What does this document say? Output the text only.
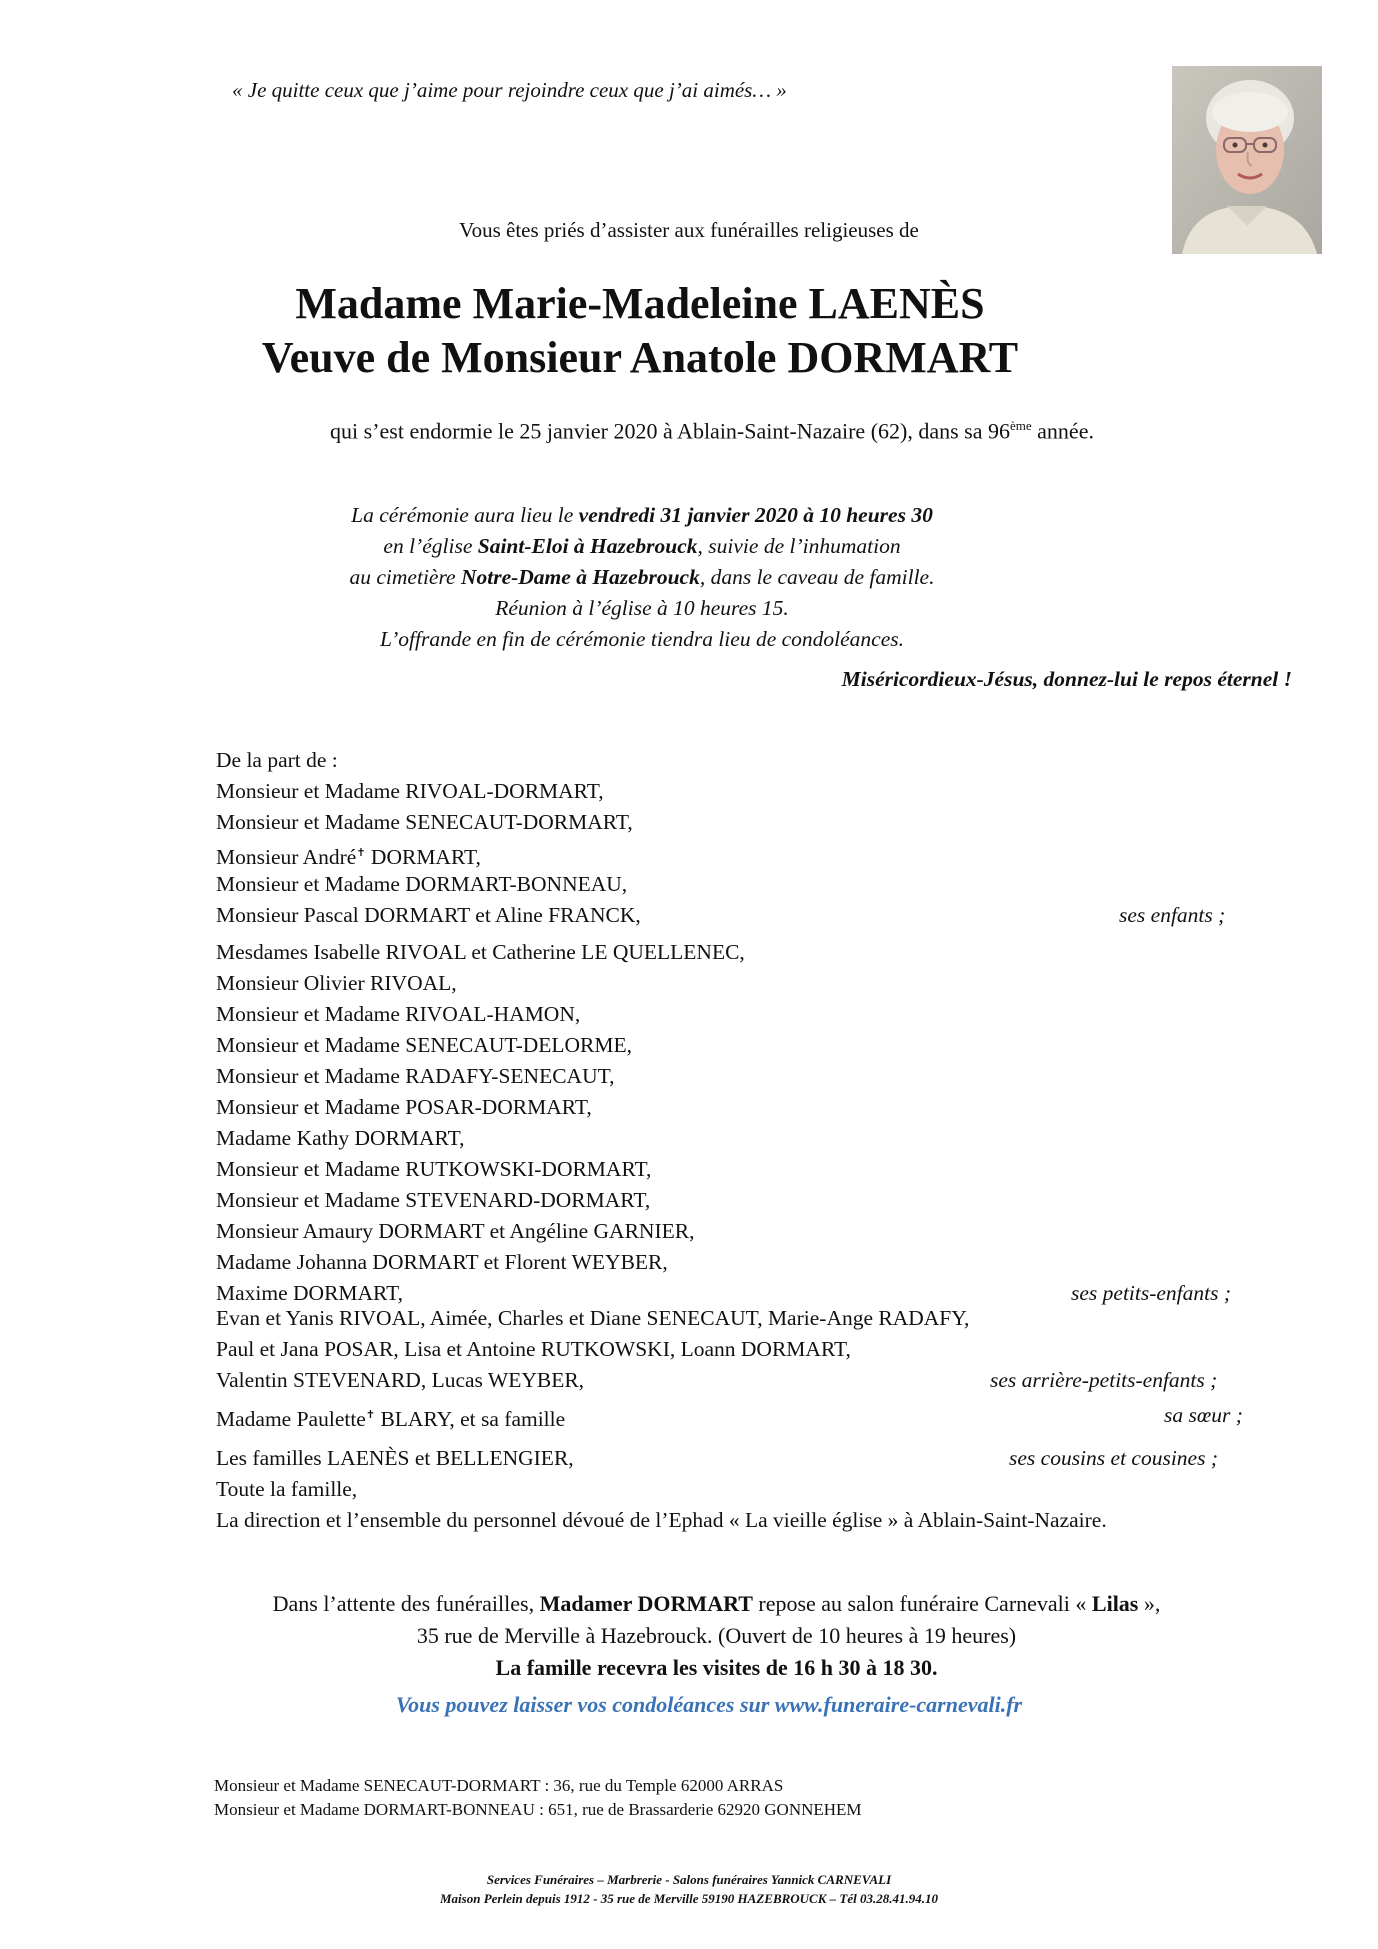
« Je quitte ceux que j’aime pour rejoindre ceux que j’ai aimés… »
Vous êtes priés d’assister aux funérailles religieuses de
Madame Marie-Madeleine LAENÈS
Veuve de Monsieur Anatole DORMART
qui s’est endormie le 25 janvier 2020 à Ablain-Saint-Nazaire (62), dans sa 96ème année.
La cérémonie aura lieu le vendredi 31 janvier 2020 à 10 heures 30
en l’église Saint-Eloi à Hazebrouck, suivie de l’inhumation
au cimetière Notre-Dame à Hazebrouck, dans le caveau de famille.
Réunion à l’église à 10 heures 15.
L’offrande en fin de cérémonie tiendra lieu de condoléances.
Miséricordieux-Jésus, donnez-lui le repos éternel !
De la part de :
Monsieur et Madame RIVOAL-DORMART,
Monsieur et Madame SENECAUT-DORMART,
Monsieur André✝ DORMART,
Monsieur et Madame DORMART-BONNEAU,
Monsieur Pascal DORMART et Aline FRANCK,	ses enfants ;
Mesdames Isabelle RIVOAL et Catherine LE QUELLENEC,
Monsieur Olivier RIVOAL,
Monsieur et Madame RIVOAL-HAMON,
Monsieur et Madame SENECAUT-DELORME,
Monsieur et Madame RADAFY-SENECAUT,
Monsieur et Madame POSAR-DORMART,
Madame Kathy DORMART,
Monsieur et Madame RUTKOWSKI-DORMART,
Monsieur et Madame STEVENARD-DORMART,
Monsieur Amaury DORMART et Angéline GARNIER,
Madame Johanna DORMART et Florent WEYBER,
Maxime DORMART,	ses petits-enfants ;
Evan et Yanis RIVOAL, Aimée, Charles et Diane SENECAUT, Marie-Ange RADAFY,
Paul et Jana POSAR, Lisa et Antoine RUTKOWSKI, Loann DORMART,
Valentin STEVENARD, Lucas WEYBER,	ses arrière-petits-enfants ;
Madame Paulette✝ BLARY, et sa famille	sa sœur ;
Les familles LAENÈS et BELLENGIER,	ses cousins et cousines ;
Toute la famille,
La direction et l’ensemble du personnel dévoué de l’Ephad « La vieille église » à Ablain-Saint-Nazaire.
Dans l’attente des funérailles, Madamer DORMART repose au salon funéraire Carnevali « Lilas »,
35 rue de Merville à Hazebrouck. (Ouvert de 10 heures à 19 heures)
La famille recevra les visites de 16 h 30 à 18 30.
Vous pouvez laisser vos condoléances sur www.funeraire-carnevali.fr
Monsieur et Madame SENECAUT-DORMART : 36, rue du Temple 62000 ARRAS
Monsieur et Madame DORMART-BONNEAU : 651, rue de Brassarderie 62920 GONNEHEM
Services Funéraires – Marbrerie - Salons funéraires Yannick CARNEVALI
Maison Perlein depuis 1912 - 35 rue de Merville 59190 HAZEBROUCK – Tél 03.28.41.94.10
